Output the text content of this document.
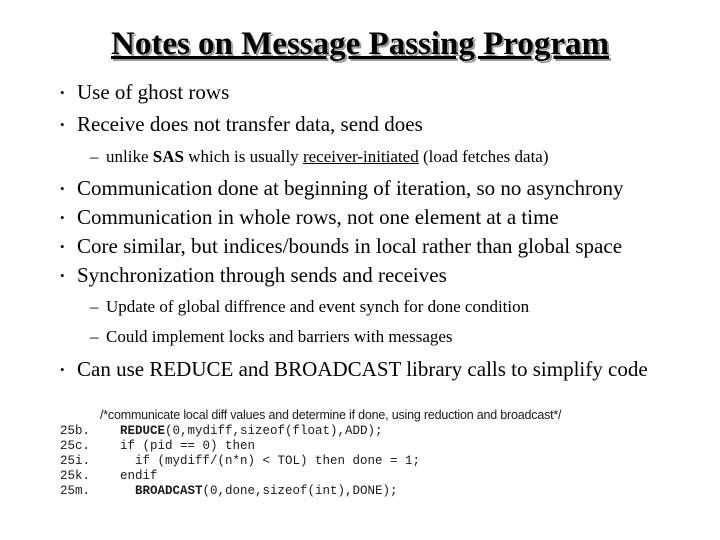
Notes on Message Passing Program
• Use of ghost rows
• Receive does not transfer data, send does
– unlike SAS which is usually receiver-initiated (load fetches data)
• Communication done at beginning of iteration, so no asynchrony
• Communication in whole rows, not one element at a time
• Core similar, but indices/bounds in local rather than global space
• Synchronization through sends and receives
– Update of global diffrence and event synch for done condition
– Could implement locks and barriers with messages
• Can use REDUCE and BROADCAST library calls to simplify code
/*communicate local diff values and determine if done, using reduction and broadcast*/
25b. REDUCE(0,mydiff,sizeof(float),ADD);
25c. if (pid == 0) then
25i.  if (mydiff/(n*n) < TOL) then done = 1;
25k. endif
25m.	BROADCAST(0,done,sizeof(int),DONE);
